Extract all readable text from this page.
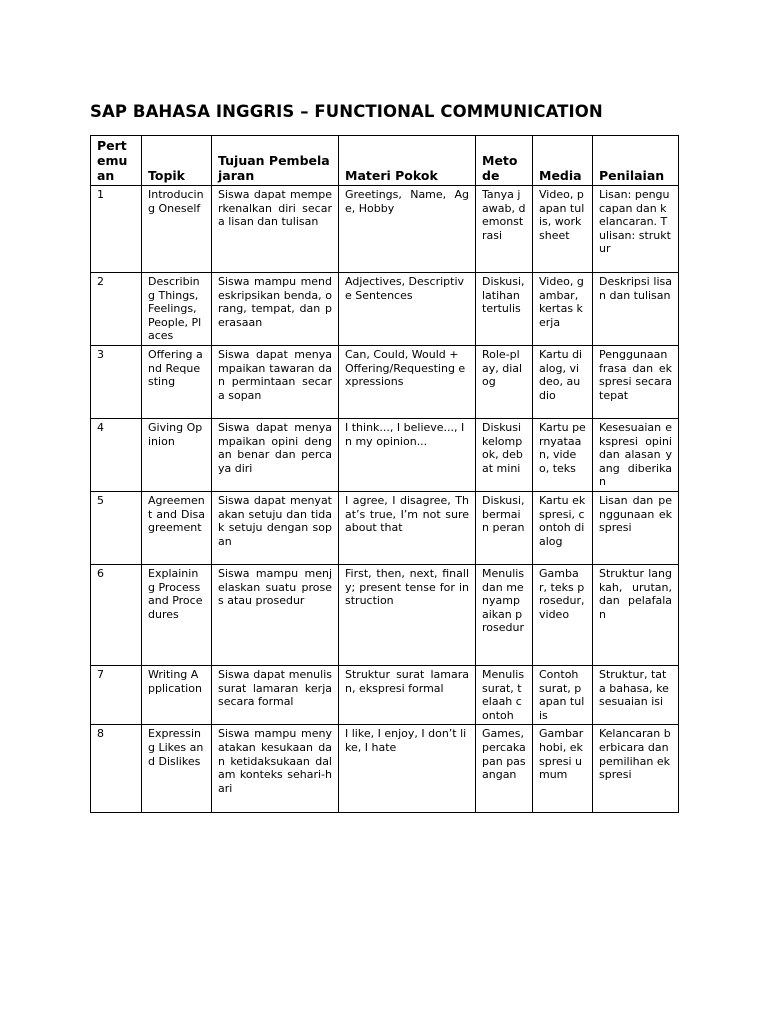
SAP BAHASA INGGRIS – FUNCTIONAL COMMUNICATION
Pert emu an	Topik	Tujuan Pembelajaran	Materi Pokok	Meto de	Media	Penilaian
1	Introducing Oneself	Siswa dapat memperkenalkan diri secara lisan dan tulisan	Greetings, Name, Age, Hobby	Tanya jawab, demonstrasi	Video, papan tulis, worksheet	Lisan: pengucapan dan kelancaran. Tulisan: struktur
2	Describing Things, Feelings, People, Places	Siswa mampu mendeskripsikan benda, orang, tempat, dan perasaan	Adjectives, Descriptive Sentences	Diskusi, latihan tertulis	Video, gambar, kertas kerja	Deskripsi lisan dan tulisan
3	Offering and Requesting	Siswa dapat menyampaikan tawaran dan permintaan secara sopan	Can, Could, Would + Offering/Requesting expressions	Role-play, dialog	Kartu dialog, video, audio	Penggunaan frasa dan ekspresi secara tepat
4	Giving Opinion	Siswa dapat menyampaikan opini dengan benar dan percaya diri	I think..., I believe..., In my opinion...	Diskusi kelompok, debat mini	Kartu pernyataan, video, teks	Kesesuaian ekspresi opini dan alasan yang diberikan
5	Agreement and Disagreement	Siswa dapat menyatakan setuju dan tidak setuju dengan sopan	I agree, I disagree, That’s true, I’m not sure about that	Diskusi, bermain peran	Kartu ekspresi, contoh dialog	Lisan dan penggunaan ekspresi
6	Explaining Process and Procedures	Siswa mampu menjelaskan suatu proses atau prosedur	First, then, next, finally; present tense for instruction	Menulis dan menyampaikan prosedur	Gambar, teks prosedur, video	Struktur langkah, urutan, dan pelafalan
7	Writing Application	Siswa dapat menulis surat lamaran kerja secara formal	Struktur surat lamaran, ekspresi formal	Menulis surat, telaah contoh	Contoh surat, papan tulis	Struktur, tata bahasa, kesesuaian isi
8	Expressing Likes and Dislikes	Siswa mampu menyatakan kesukaan dan ketidaksukaan dalam konteks sehari-hari	I like, I enjoy, I don’t like, I hate	Games, percakapan pasangan	Gambar hobi, ekspresi umum	Kelancaran berbicara dan pemilihan ekspresi
